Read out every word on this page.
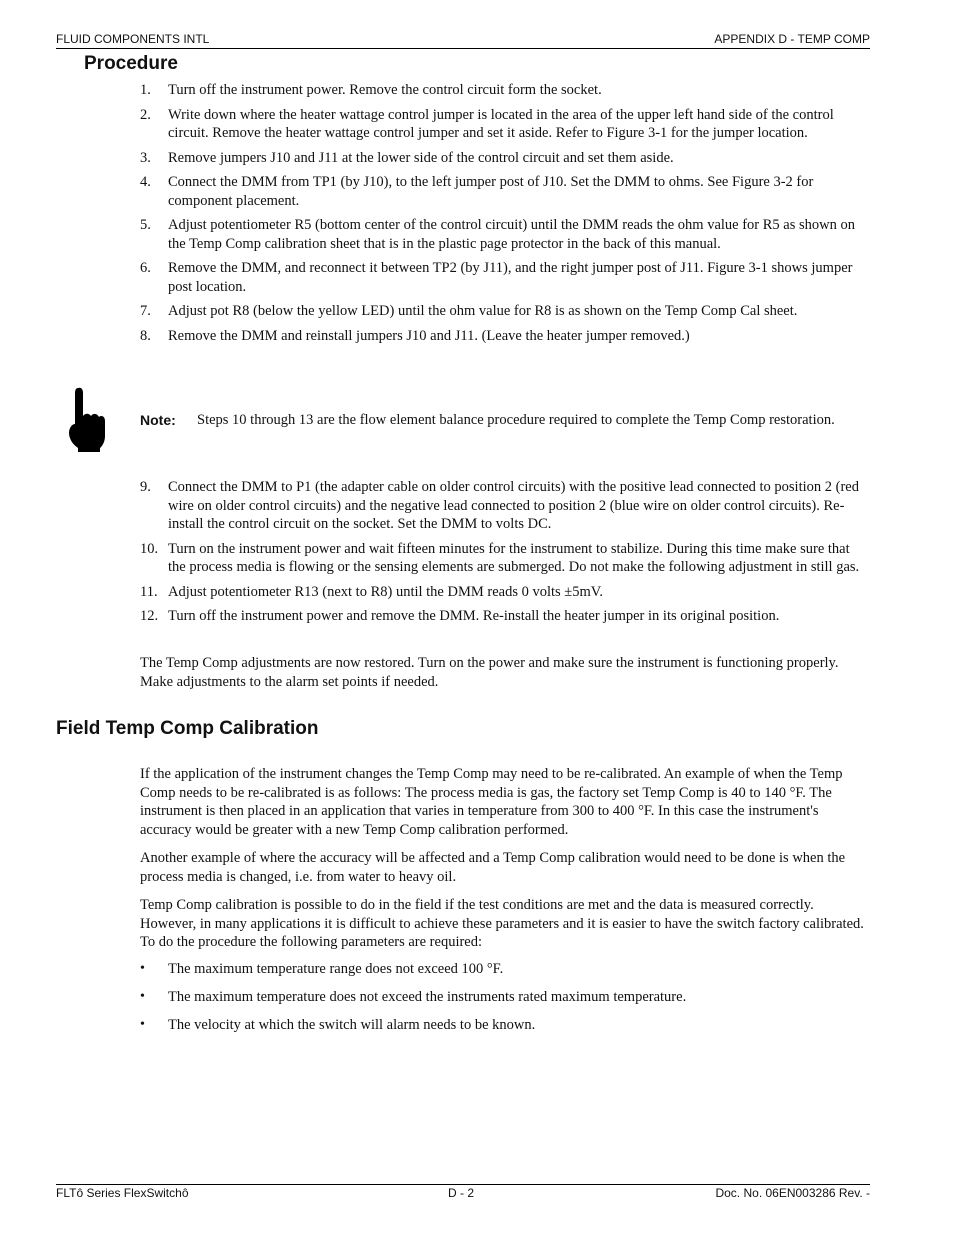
FLUID COMPONENTS INTL	APPENDIX D - TEMP COMP
Procedure
1.	Turn off the instrument power. Remove the control circuit form the socket.
2.	Write down where the heater wattage control jumper is located in the area of the upper left hand side of the control circuit. Remove the heater wattage control jumper and set it aside. Refer to Figure 3-1 for the jumper location.
3.	Remove jumpers J10 and J11 at the lower side of the control circuit and set them aside.
4.	Connect the DMM from TP1 (by J10), to the left jumper post of J10. Set the DMM to ohms. See Figure 3-2 for component placement.
5.	Adjust potentiometer R5 (bottom center of the control circuit) until the DMM reads the ohm value for R5 as shown on the Temp Comp calibration sheet that is in the plastic page protector in the back of this manual.
6.	Remove the DMM, and reconnect it between TP2 (by J11), and the right jumper post of J11. Figure 3-1 shows jumper post location.
7.	Adjust pot R8 (below the yellow LED) until the ohm value for R8 is as shown on the Temp Comp Cal sheet.
8.	Remove the DMM and reinstall jumpers J10 and J11. (Leave the heater jumper removed.)
Note: Steps 10 through 13 are the flow element balance procedure required to complete the Temp Comp restoration.
9.	Connect the DMM to P1 (the adapter cable on older control circuits) with the positive lead connected to position 2 (red wire on older control circuits) and the negative lead connected to position 2 (blue wire on older control circuits). Re-install the control circuit on the socket. Set the DMM to volts DC.
10. Turn on the instrument power and wait fifteen minutes for the instrument to stabilize. During this time make sure that the process media is flowing or the sensing elements are submerged. Do not make the following adjustment in still gas.
11. Adjust potentiometer R13 (next to R8) until the DMM reads 0 volts ±5mV.
12. Turn off the instrument power and remove the DMM. Re-install the heater jumper in its original position.

The Temp Comp adjustments are now restored. Turn on the power and make sure the instrument is functioning properly. Make adjustments to the alarm set points if needed.

Field Temp Comp Calibration

If the application of the instrument changes the Temp Comp may need to be re-calibrated. An example of when the Temp Comp needs to be re-calibrated is as follows: The process media is gas, the factory set Temp Comp is 40 to 140 °F. The instrument is then placed in an application that varies in temperature from 300 to 400 °F. In this case the instrument's accuracy would be greater with a new Temp Comp calibration performed.

Another example of where the accuracy will be affected and a Temp Comp calibration would need to be done is when the process media is changed, i.e. from water to heavy oil.

Temp Comp calibration is possible to do in the field if the test conditions are met and the data is measured correctly. However, in many applications it is difficult to achieve these parameters and it is easier to have the switch factory calibrated. To do the procedure the following parameters are required:

• The maximum temperature range does not exceed 100 °F.
• The maximum temperature does not exceed the instruments rated maximum temperature.
• The velocity at which the switch will alarm needs to be known.
FLTô Series FlexSwitchô	D - 2	Doc. No. 06EN003286 Rev. -
